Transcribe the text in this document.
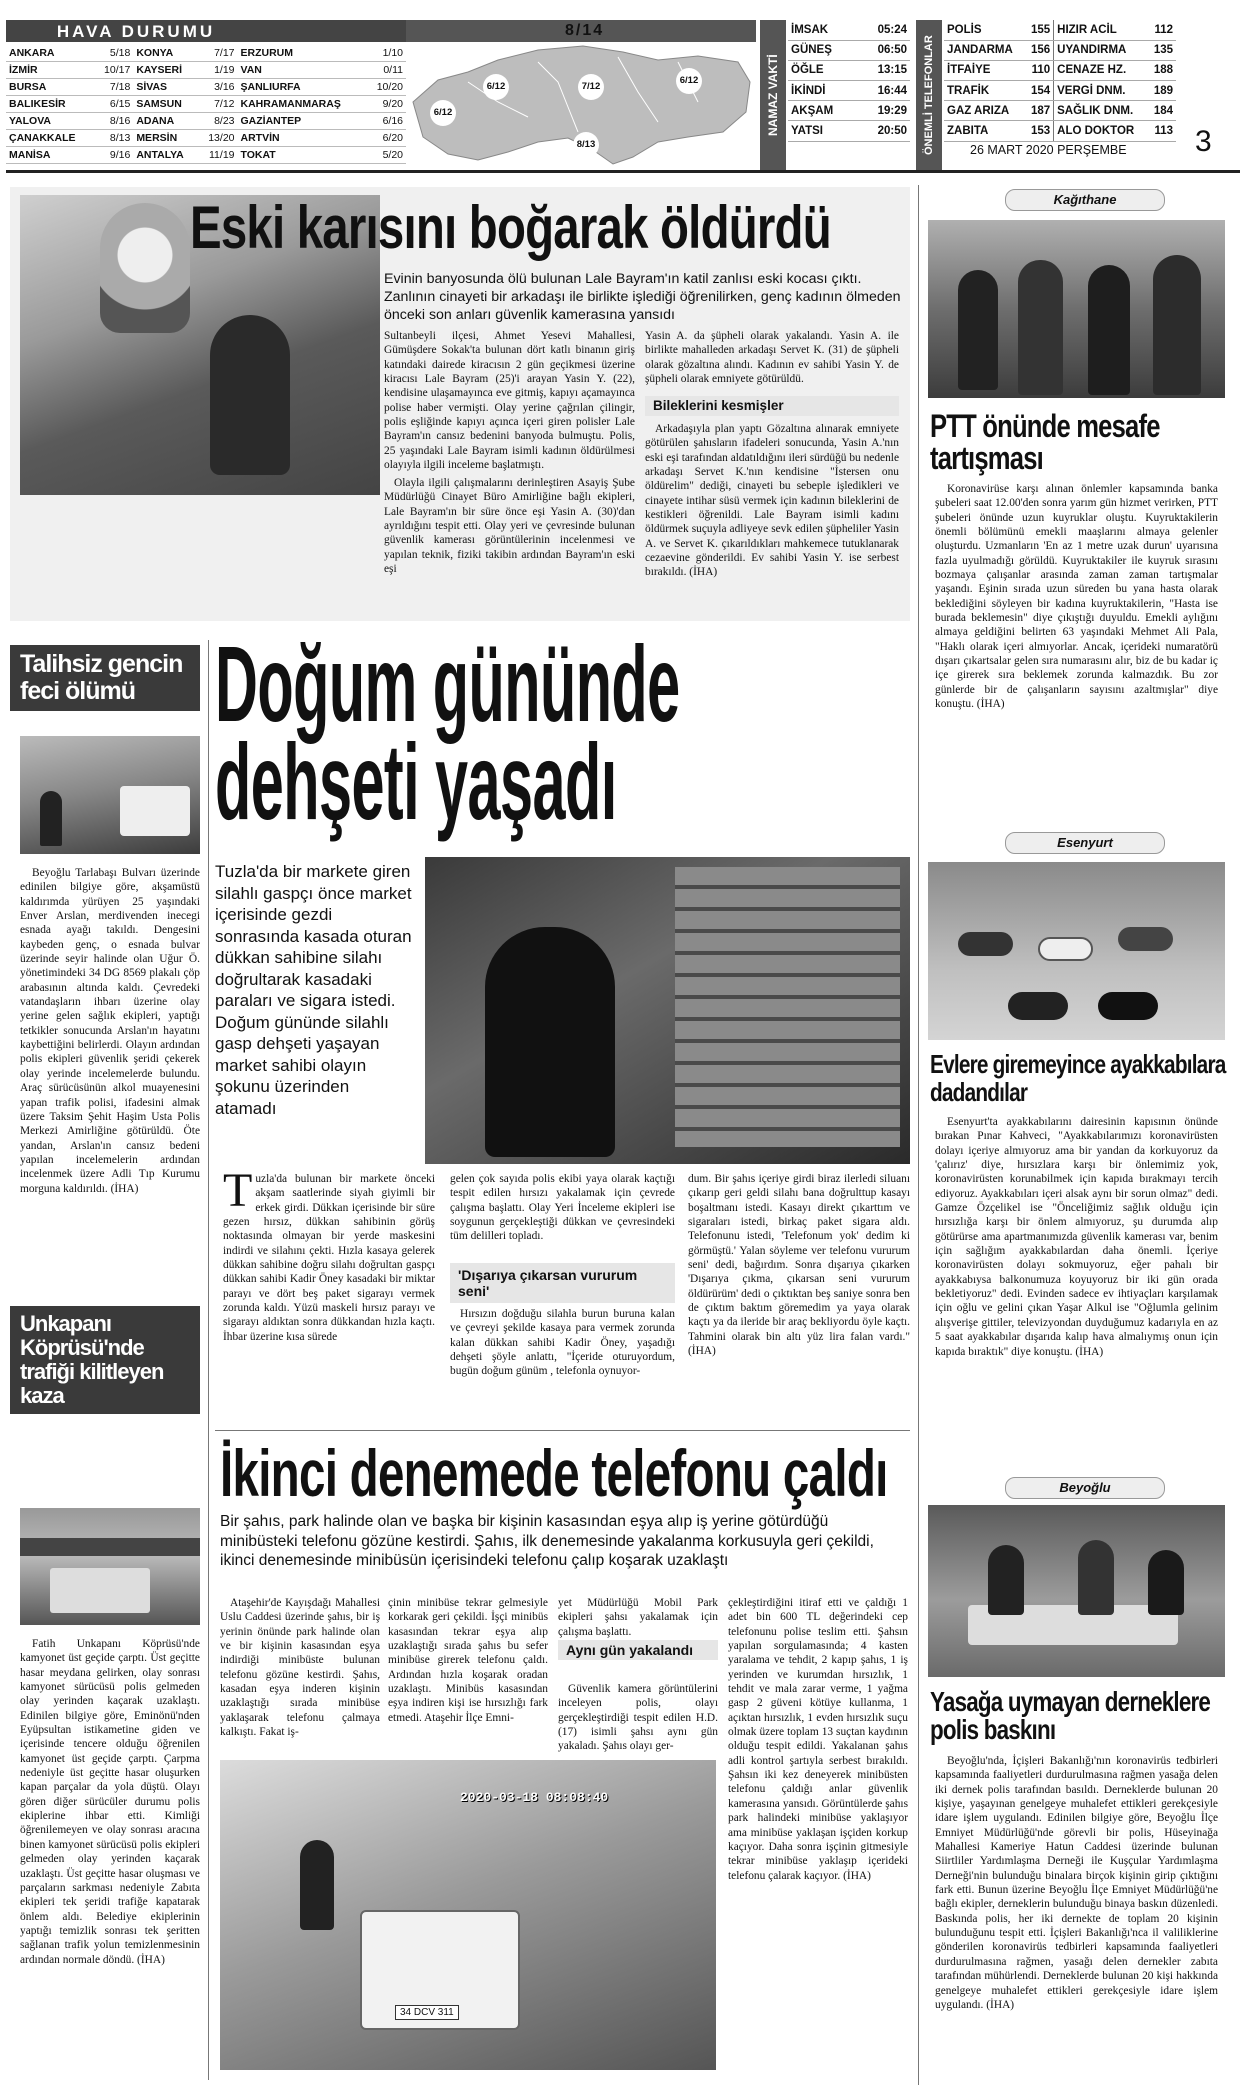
HAVA DURUMU	8/14
ANKARA	5/18	KONYA	7/17	ERZURUM	1/10
İZMİR	10/17	KAYSERİ	1/19	VAN	0/11
BURSA	7/18	SİVAS	3/16	ŞANLIURFA	10/20
BALIKESİR	6/15	SAMSUN	7/12	KAHRAMANMARAŞ	9/20
YALOVA	8/16	ADANA	8/23	GAZİANTEP	6/16
ÇANAKKALE	8/13	MERSİN	13/20	ARTVİN	6/20
MANİSA	9/16	ANTALYA	11/19	TOKAT	5/20
6/12	7/12
6/12
6/12
8/13
NAMAZ VAKTİ
İMSAK	05:24
GÜNEŞ	06:50
ÖĞLE	13:15
İKİNDİ	16:44
AKŞAM	19:29
YATSI	20:50	ÖNEMLİ TELEFONLAR
POLİS	155	HIZIR ACİL	112
JANDARMA	156	UYANDIRMA	135
İTFAİYE	110	CENAZE HZ.	188
TRAFİK	154	VERGİ DNM.	189
GAZ ARIZA	187	SAĞLIK DNM.	184
ZABITA	153	ALO DOKTOR	113 3
26 MART 2020 PERŞEMBE
Eski karısını boğarak öldürdü

Evinin banyosunda ölü bulunan Lale Bayram'ın katil zanlısı eski kocası çıktı. Zanlının cinayeti bir arkadaşı ile birlikte işlediği öğrenilirken, genç kadının ölmeden önceki son anları güvenlik kamerasına yansıdı

Sultanbeyli ilçesi, Ahmet Yesevi Mahallesi, Gümüşdere Sokak'ta bulunan dört katlı binanın giriş katındaki dairede kiracısın 2 gün geçikmesi üzerine kiracısı Lale Bayram (25)'i arayan Yasin Y. (22), kendisine ulaşamayınca eve gitmiş, kapıyı açamayınca polise haber vermişti. Olay yerine çağrılan çilingir, polis eşliğinde kapıyı açınca içeri giren polisler Lale Bayram'ın cansız bedenini banyoda bulmuştu. Polis, 25 yaşındaki Lale Bayram isimli kadının öldürülmesi olayıyla ilgili inceleme başlatmıştı.

Olayla ilgili çalışmalarını derinleştiren Asayiş Şube Müdürlüğü Cinayet Büro Amirliğine bağlı ekipleri, Lale Bayram'ın bir süre önce eşi Yasin A. (30)'dan ayrıldığını tespit etti. Olay yeri ve çevresinde bulunan güvenlik kamerası görüntülerinin incelenmesi ve yapılan teknik, fiziki takibin ardından Bayram'ın eski eşi

Yasin A. da şüpheli olarak yakalandı. Yasin A. ile birlikte mahalleden arkadaşı Servet K. (31) de şüpheli olarak gözaltına alındı. Kadının ev sahibi Yasin Y. de şüpheli olarak emniyete götürüldü.

Bileklerini kesmişler

Arkadaşıyla plan yaptı Gözaltına alınarak emniyete götürülen şahısların ifadeleri sonucunda, Yasin A.'nın eski eşi tarafından aldatıldığını ileri sürdüğü bu nedenle arkadaşı Servet K.'nın kendisine "İstersen onu öldürelim" dediği, cinayeti bu sebeple işledikleri ve cinayete intihar süsü vermek için kadının bileklerini de kestikleri öğrenildi. Lale Bayram isimli kadını öldürmek suçuyla adliyeye sevk edilen şüpheliler Yasin A. ve Servet K. çıkarıldıkları mahkemece tutuklanarak cezaevine gönderildi. Ev sahibi Yasin Y. ise serbest bırakıldı. (İHA)

Kağıthane
PTT önünde mesafe tartışması

Koronavirüse karşı alınan önlemler kapsamında banka şubeleri saat 12.00'den sonra yarım gün hizmet verirken, PTT şubeleri önünde uzun kuyruklar oluştu. Kuyruktakilerin önemli bölümünü emekli maaşlarını almaya gelenler oluşturdu. Uzmanların 'En az 1 metre uzak durun' uyarısına fazla uyulmadığı görüldü. Kuyruktakiler ile kuyruk sırasını bozmaya çalışanlar arasında zaman zaman tartışmalar yaşandı. Eşinin sırada uzun süreden bu yana hasta olarak beklediğini söyleyen bir kadına kuyruktakilerin, "Hasta ise burada beklemesin" diye çıkıştığı duyuldu. Emekli aylığını almaya geldiğini belirten 63 yaşındaki Mehmet Ali Pala, "Haklı olarak içeri almıyorlar. Ancak, içerideki numaratörü dışarı çıkartsalar gelen sıra numarasını alır, biz de bu kadar iç içe girerek sıra beklemek zorunda kalmazdık. Bu zor günlerde bir de çalışanların sayısını azaltmışlar" diye konuştu. (İHA)

Esenyurt
Evlere giremeyince ayakkabılara dadandılar

Esenyurt'ta ayakkabılarını dairesinin kapısının önünde bırakan Pınar Kahveci, "Ayakkabılarımızı koronavirüsten dolayı içeriye almıyoruz ama bir yandan da korkuyoruz da 'çalırız' diye, hırsızlara karşı bir önlemimiz yok, koronavirüsten korunabilmek için kapıda bırakmayı tercih ediyoruz. Ayakkabıları içeri alsak aynı bir sorun olmaz" dedi. Gamze Özçelikel ise "Önceliğimiz sağlık olduğu için hırsızlığa karşı bir önlem almıyoruz, şu durumda alıp götürürse ama apartmanımızda güvenlik kamerası var, benim için sağlığım ayakkabılardan daha önemli. İçeriye koronavirüsten dolayı sokmuyoruz, eğer pahalı bir ayakkabıysa balkonumuza koyuyoruz bir iki gün orada bekletiyoruz" dedi. Evinden sadece ev ihtiyaçları karşılamak için oğlu ve gelini çıkan Yaşar Alkul ise "Oğlumla gelinim alışverişe gittiler, televizyondan duyduğumuz kadarıyla en az 5 saat ayakkabılar dışarıda kalıp hava almalıymış onun için kapıda bıraktık" diye konuştu. (İHA)

Beyoğlu
Yasağa uymayan derneklere polis baskını

Beyoğlu'nda, İçişleri Bakanlığı'nın koronavirüs tedbirleri kapsamında faaliyetleri durdurulmasına rağmen yasağa delen iki dernek polis tarafından basıldı. Derneklerde bulunan 20 kişiye, yaşayınan genelgeye muhalefet ettikleri gerekçesiyle idare işlem uygulandı. Edinilen bilgiye göre, Beyoğlu İlçe Emniyet Müdürlüğü'nde görevli bir polis, Hüseyinağa Mahallesi Kameriye Hatun Caddesi üzerinde bulunan Siirtliler Yardımlaşma Derneği ile Kuşçular Yardımlaşma Derneği'nin bulunduğu binalara birçok kişinin girip çıktığını fark etti. Bunun üzerine Beyoğlu İlçe Emniyet Müdürlüğü'ne bağlı ekipler, derneklerin bulunduğu binaya baskın düzenledi. Baskında polis, her iki dernekte de toplam 20 kişinin bulunduğunu tespit etti. İçişleri Bakanlığı'nca il valiliklerine gönderilen koronavirüs tedbirleri kapsamında faaliyetleri durdurulmasına rağmen, yasağı delen dernekler zabıta tarafından mühürlendi. Derneklerde bulunan 20 kişi hakkında genelgeye muhalefet ettikleri gerekçesiyle idare işlem uygulandı. (İHA)

Talihsiz gencin feci ölümü

Beyoğlu Tarlabaşı Bulvarı üzerinde edinilen bilgiye göre, akşamüstü kaldırımda yürüyen 25 yaşındaki Enver Arslan, merdivenden inecegi esnada ayağı takıldı. Dengesini kaybeden genç, o esnada bulvar üzerinde seyir halinde olan Uğur Ö. yönetimindeki 34 DG 8569 plakalı çöp arabasının altında kaldı. Çevredeki vatandaşların ihbarı üzerine olay yerine gelen sağlık ekipleri, yaptığı tetkikler sonucunda Arslan'ın hayatını kaybettiğini belirlerdi. Olayın ardından polis ekipleri güvenlik şeridi çekerek olay yerinde incelemelerde bulundu. Araç sürücüsünün alkol muayenesini yapan trafik polisi, ifadesini almak üzere Taksim Şehit Haşim Usta Polis Merkezi Amirliğine götürüldü. Öte yandan, Arslan'ın cansız bedeni yapılan incelemelerin ardından incelenmek üzere Adli Tıp Kurumu morguna kaldırıldı. (İHA)

Unkapanı Köprüsü'nde trafiği kilitleyen kaza

Fatih Unkapanı Köprüsü'nde kamyonet üst geçide çarptı. Üst geçitte hasar meydana gelirken, olay sonrası kamyonet sürücüsü polis gelmeden olay yerinden kaçarak uzaklaştı. Edinilen bilgiye göre, Eminönü'nden Eyüpsultan istikametine giden ve içerisinde tencere olduğu öğrenilen kamyonet üst geçide çarptı. Çarpma nedeniyle üst geçitte hasar oluşurken kapan parçalar da yola düştü. Olayı gören diğer sürücüler durumu polis ekiplerine ihbar etti. Kimliği öğrenilemeyen ve olay sonrası aracına binen kamyonet sürücüsü polis ekipleri gelmeden olay yerinden kaçarak uzaklaştı. Üst geçitte hasar oluşması ve parçaların sarkması nedeniyle Zabıta ekipleri tek şeridi trafiğe kapatarak önlem aldı. Belediye ekiplerinin yaptığı temizlik sonrası tek şeritten sağlanan trafik yolun temizlenmesinin ardından normale döndü. (İHA)

Doğum gününde
dehşeti yaşadı

Tuzla'da bir markete giren silahlı gaspçı önce market içerisinde gezdi sonrasında kasada oturan dükkan sahibine silahı doğrultarak kasadaki paraları ve sigara istedi. Doğum gününde silahlı gasp dehşeti yaşayan market sahibi olayın şokunu üzerinden atamadı

Tuzla'da bulunan bir markete önceki akşam saatlerinde siyah giyimli bir erkek girdi. Dükkan içerisinde bir süre gezen hırsız, dükkan sahibinin görüş noktasında olmayan bir yerde maskesini indirdi ve silahını çekti. Hızla kasaya gelerek dükkan sahibine doğru silahı doğrultan gaspçı dükkan sahibi Kadir Öney kasadaki bir miktar parayı ve dört beş paket sigarayı vermek zorunda kaldı. Yüzü maskeli hırsız parayı ve sigarayı aldıktan sonra dükkandan hızla kaçtı. İhbar üzerine kısa sürede

gelen çok sayıda polis ekibi yaya olarak kaçtığı tespit edilen hırsızı yakalamak için çevrede çalışma başlattı. Olay Yeri İnceleme ekipleri ise soygunun gerçekleştiği dükkan ve çevresindeki tüm delilleri topladı.

'Dışarıya çıkarsan vururum seni'

Hırsızın doğduğu silahla burun buruna kalan ve çevreyi şekilde kasaya para vermek zorunda kalan dükkan sahibi Kadir Öney, yaşadığı dehşeti şöyle anlattı, "İçeride oturuyordum, bugün doğum günüm , telefonla oynuyor-

dum. Bir şahıs içeriye girdi biraz ilerledi siluanı çıkarıp geri geldi silahı bana doğrulttup kasayı boşaltmanı istedi. Kasayı direkt çıkarttım ve sigaraları istedi, birkaç paket sigara aldı. Telefonunu istedi, 'Telefonum yok' dedim ki görmüştü.' Yalan söyleme ver telefonu vururum seni' dedi, bağırdım. Sonra dışarıya çıkarken 'Dışarıya çıkma, çıkarsan seni vururum öldürürüm' dedi o çıktıktan beş saniye sonra ben de çıktım baktım göremedim ya yaya olarak kaçtı ya da ileride bir araç bekliyordu öyle kaçtı. Tahmini olarak bin altı yüz lira falan vardı." (İHA)

İkinci denemede telefonu çaldı

Bir şahıs, park halinde olan ve başka bir kişinin kasasından eşya alıp iş yerine götürdüğü minibüsteki telefonu gözüne kestirdi. Şahıs, ilk denemesinde yakalanma korkusuyla geri çekildi, ikinci denemesinde minibüsün içerisindeki telefonu çalıp koşarak uzaklaştı

Ataşehir'de Kayışdağı Mahallesi Uslu Caddesi üzerinde şahıs, bir iş yerinin önünde park halinde olan ve bir kişinin kasasından eşya indirdiği minibüste bulunan telefonu gözüne kestirdi. Şahıs, kasadan eşya inderen kişinin uzaklaştığı sırada minibüse yaklaşarak telefonu çalmaya kalkıştı. Fakat iş-

çinin minibüse tekrar gelmesiyle korkarak geri çekildi. İşçi minibüs kasasından tekrar eşya alıp uzaklaştığı sırada şahıs bu sefer minibüse girerek telefonu çaldı. Ardından hızla koşarak oradan uzaklaştı. Minibüs kasasından eşya indiren kişi ise hırsızlığı fark etmedi. Ataşehir İlçe Emni-

yet Müdürlüğü Mobil Park ekipleri şahsı yakalamak için çalışma başlattı.

Aynı gün yakalandı

Güvenlik kamera görüntülerini inceleyen polis, olayı gerçekleştirdiği tespit edilen H.D. (17) isimli şahsı aynı gün yakaladı. Şahıs olayı ger-

çekleştirdiğini itiraf etti ve çaldığı 1 adet bin 600 TL değerindeki cep telefonunu polise teslim etti. Şahsın yapılan sorgulamasında; 4 kasten yaralama ve tehdit, 2 kapıp şahıs, 1 iş yerinden ve kurumdan hırsızlık, 1 tehdit ve mala zarar verme, 1 yağma gasp 2 güveni kötüye kullanma, 1 açıktan hırsızlık, 1 evden hırsızlık suçu olmak üzere toplam 13 suçtan kaydının olduğu tespit edildi. Yakalanan şahıs adli kontrol şartıyla serbest bırakıldı. Şahsın iki kez deneyerek minibüsten telefonu çaldığı anlar güvenlik kamerasına yansıdı. Görüntülerde şahıs park halindeki minibüse yaklaşıyor ama minibüse yaklaşan işçiden korkup kaçıyor. Daha sonra işçinin gitmesiyle tekrar minibüse yaklaşıp içerideki telefonu çalarak kaçıyor. (İHA)

2020-03-18 08:08:40
34 DCV 311
